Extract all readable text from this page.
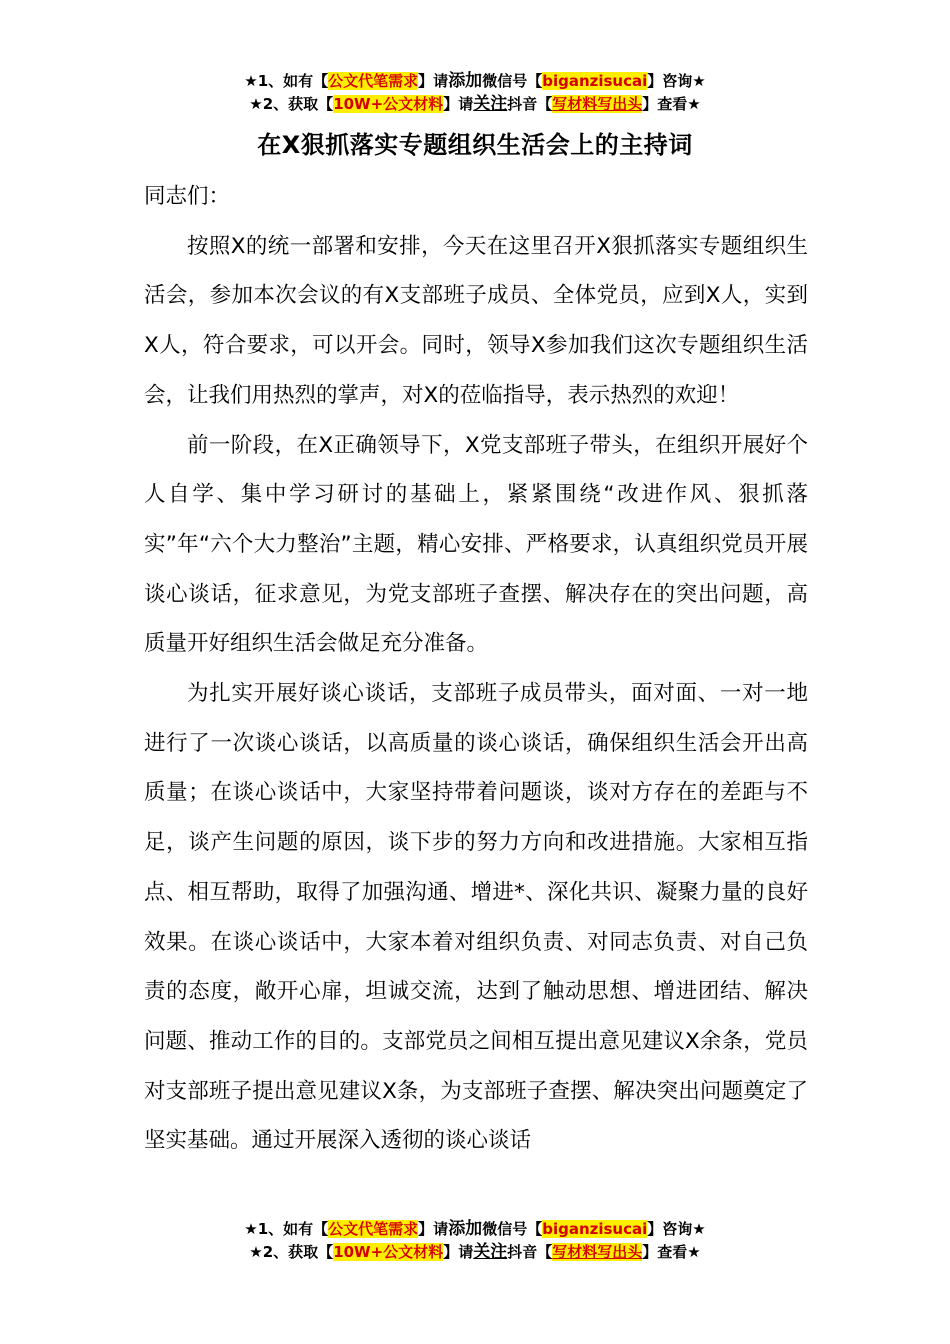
★1、如有【公文代笔需求】请添加微信号【biganzisucai】咨询★
★2、获取【10W+公文材料】请关注抖音【写材料写出头】查看★
在X狠抓落实专题组织生活会上的主持词

同志们：

按照X的统一部署和安排，今天在这里召开X狠抓落实专题组织生活会，参加本次会议的有X支部班子成员、全体党员，应到X人，实到X人，符合要求，可以开会。同时，领导X参加我们这次专题组织生活会，让我们用热烈的掌声，对X的莅临指导，表示热烈的欢迎！

前一阶段，在X正确领导下，X党支部班子带头，在组织开展好个人自学、集中学习研讨的基础上，紧紧围绕“改进作风、狠抓落实”年“六个大力整治”主题，精心安排、严格要求，认真组织党员开展谈心谈话，征求意见，为党支部班子查摆、解决存在的突出问题，高质量开好组织生活会做足充分准备。

为扎实开展好谈心谈话，支部班子成员带头，面对面、一对一地进行了一次谈心谈话，以高质量的谈心谈话，确保组织生活会开出高质量；在谈心谈话中，大家坚持带着问题谈，谈对方存在的差距与不足，谈产生问题的原因，谈下步的努力方向和改进措施。大家相互指点、相互帮助，取得了加强沟通、增进*、深化共识、凝聚力量的良好效果。在谈心谈话中，大家本着对组织负责、对同志负责、对自己负责的态度，敞开心扉，坦诚交流，达到了触动思想、增进团结、解决问题、推动工作的目的。支部党员之间相互提出意见建议X余条，党员对支部班子提出意见建议X条，为支部班子查摆、解决突出问题奠定了坚实基础。通过开展深入透彻的谈心谈话

★1、如有【公文代笔需求】请添加微信号【biganzisucai】咨询★
★2、获取【10W+公文材料】请关注抖音【写材料写出头】查看★
